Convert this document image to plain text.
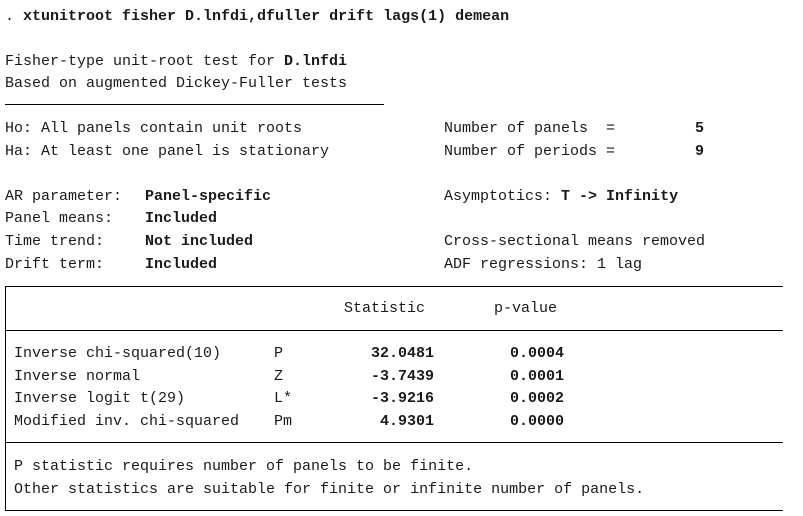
. xtunitroot fisher D.lnfdi,dfuller drift lags(1) demean
Fisher-type unit-root test for D.lnfdi
Based on augmented Dickey-Fuller tests
Ho: All panels contain unit roots
Ha: At least one panel is stationary
Number of panels  =	5
Number of periods =	9
AR parameter: Panel-specific
Panel means: Included
Time trend:	Not included
Drift term:	Included
Asymptotics: T -> Infinity
Cross-sectional means removed
ADF regressions: 1 lag
Statistic	p-value
Inverse chi-squared(10)	P	32.0481	0.0004
Inverse normal	Z	-3.7439	0.0001
Inverse logit t(29)	L*	-3.9216	0.0002
Modified inv. chi-squared Pm	4.9301	0.0000
P statistic requires number of panels to be finite.
Other statistics are suitable for finite or infinite number of panels.
